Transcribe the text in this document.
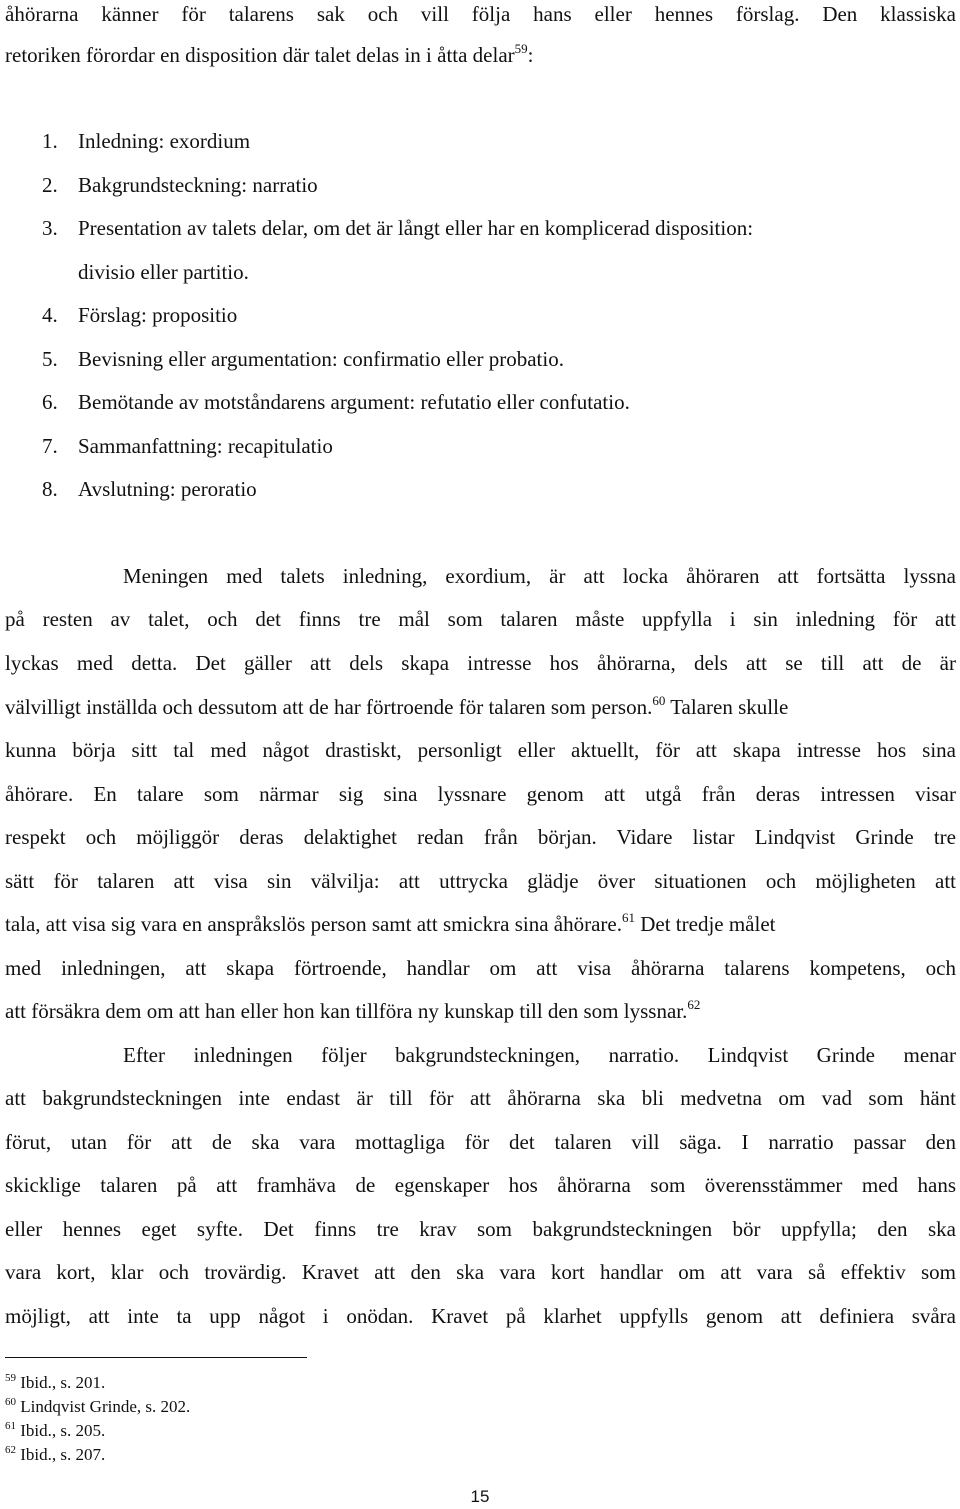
åhörarna känner för talarens sak och vill följa hans eller hennes förslag. Den klassiska
retoriken förordar en disposition där talet delas in i åtta delar$^{59}$:
1. Inledning: exordium
2. Bakgrundsteckning: narratio
3. Presentation av talets delar, om det är långt eller har en komplicerad disposition:
divisio eller partitio.
4. Förslag: propositio
5. Bevisning eller argumentation: confirmatio eller probatio.
6. Bemötande av motståndarens argument: refutatio eller confutatio.
7. Sammanfattning: recapitulatio
8. Avslutning: peroratio
Meningen med talets inledning, exordium, är att locka åhöraren att fortsätta lyssna
på resten av talet, och det finns tre mål som talaren måste uppfylla i sin inledning för att
lyckas med detta. Det gäller att dels skapa intresse hos åhörarna, dels att se till att de är
välvilligt inställda och dessutom att de har förtroende för talaren som person.$^{60}$ Talaren skulle
kunna börja sitt tal med något drastiskt, personligt eller aktuellt, för att skapa intresse hos sina
åhörare. En talare som närmar sig sina lyssnare genom att utgå från deras intressen visar
respekt och möjliggör deras delaktighet redan från början. Vidare listar Lindqvist Grinde tre
sätt för talaren att visa sin välvilja: att uttrycka glädje över situationen och möjligheten att
tala, att visa sig vara en anspråkslös person samt att smickra sina åhörare.$^{61}$ Det tredje målet
med inledningen, att skapa förtroende, handlar om att visa åhörarna talarens kompetens, och
att försäkra dem om att han eller hon kan tillföra ny kunskap till den som lyssnar.$^{62}$
Efter inledningen följer bakgrundsteckningen, narratio. Lindqvist Grinde menar
att bakgrundsteckningen inte endast är till för att åhörarna ska bli medvetna om vad som hänt
förut, utan för att de ska vara mottagliga för det talaren vill säga. I narratio passar den
skicklige talaren på att framhäva de egenskaper hos åhörarna som överensstämmer med hans
eller hennes eget syfte. Det finns tre krav som bakgrundsteckningen bör uppfylla; den ska
vara kort, klar och trovärdig. Kravet att den ska vara kort handlar om att vara så effektiv som
möjligt, att inte ta upp något i onödan. Kravet på klarhet uppfylls genom att definiera svåra
$^{59}$ Ibid., s. 201.
$^{60}$ Lindqvist Grinde, s. 202.
$^{61}$ Ibid., s. 205.
$^{62}$ Ibid., s. 207.
15
